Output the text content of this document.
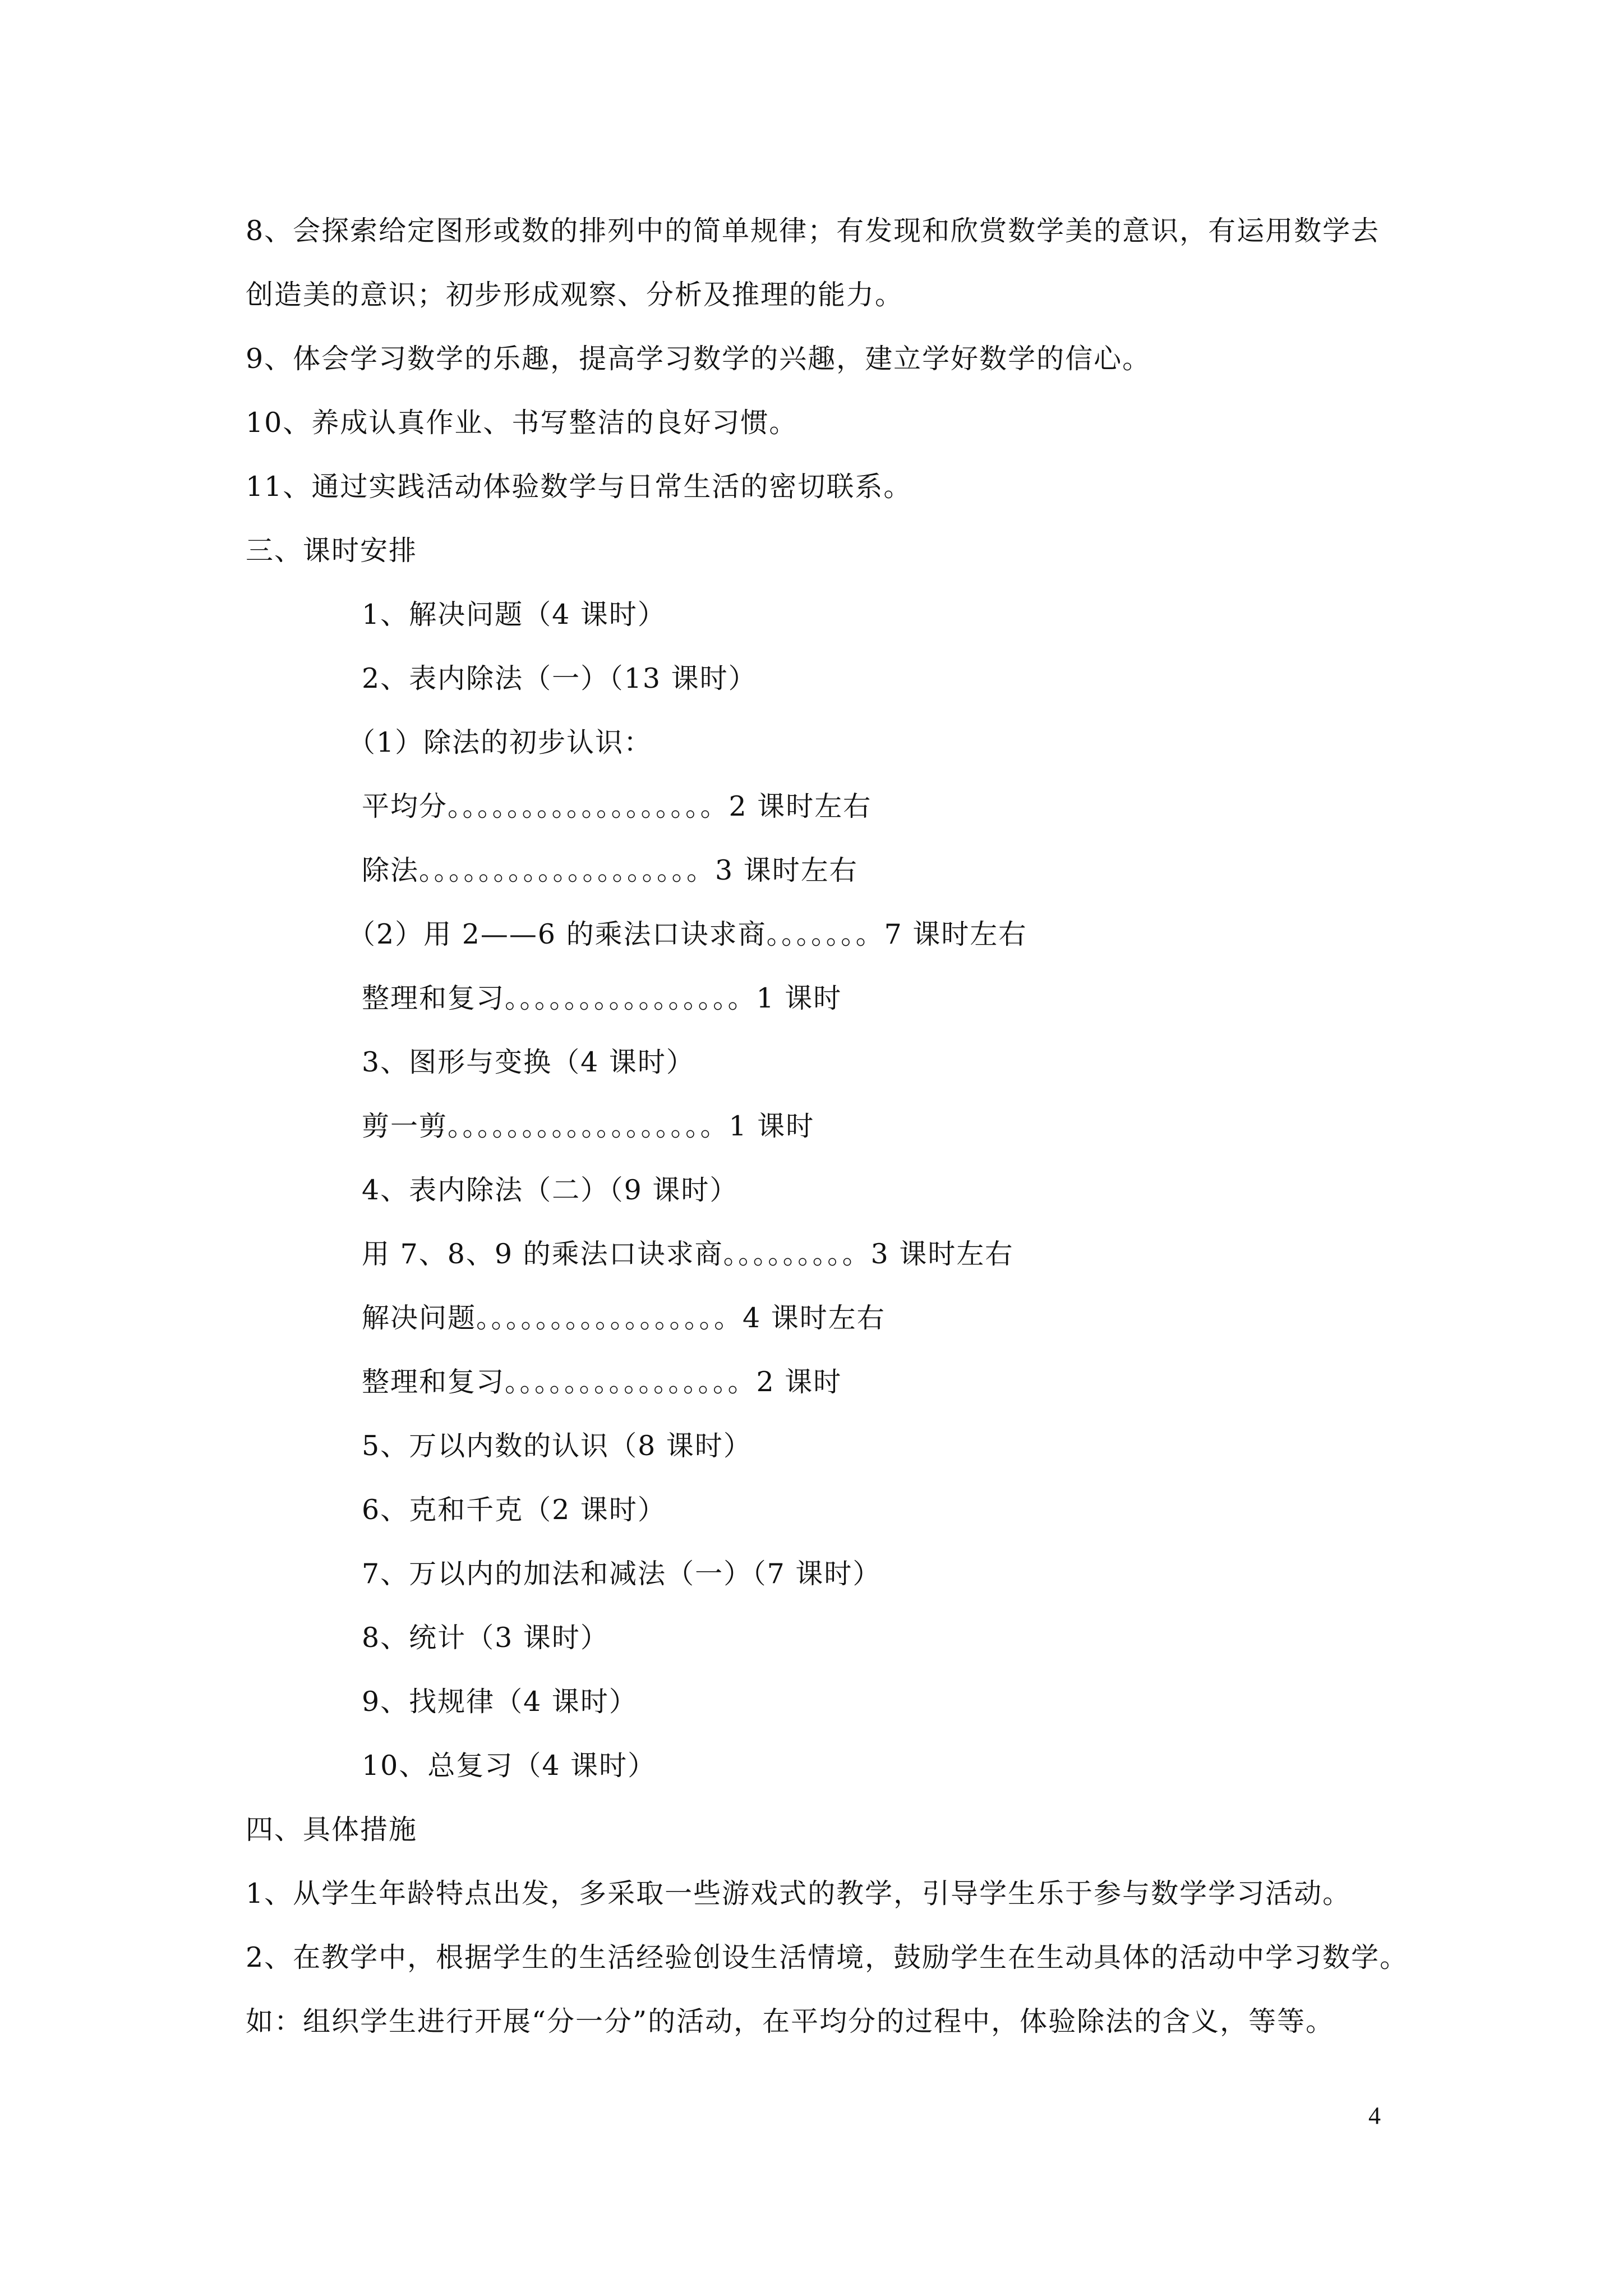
8、会探索给定图形或数的排列中的简单规律；有发现和欣赏数学美的意识，有运用数学去
创造美的意识；初步形成观察、分析及推理的能力。
9、体会学习数学的乐趣，提高学习数学的兴趣，建立学好数学的信心。
10、养成认真作业、书写整洁的良好习惯。
11、通过实践活动体验数学与日常生活的密切联系。
三、课时安排
1、解决问题（4 课时）
2、表内除法（一）（13 课时）
（1）除法的初步认识：
平均分。。。。。。。。。。。。。。。。。。2 课时左右
除法。。。。。。。。。。。。。。。。。。。3 课时左右
（2）用 2——6 的乘法口诀求商。。。。。。。7 课时左右
整理和复习。。。。。。。。。。。。。。。。1 课时
3、图形与变换（4 课时）
剪一剪。。。。。。。。。。。。。。。。。。1 课时
4、表内除法（二）（9 课时）
用 7、8、9 的乘法口诀求商。。。。。。。。。3 课时左右
解决问题。。。。。。。。。。。。。。。。。4 课时左右
整理和复习。。。。。。。。。。。。。。。。2 课时
5、万以内数的认识（8 课时）
6、克和千克（2 课时）
7、万以内的加法和减法（一）（7 课时）
8、统计（3 课时）
9、找规律（4 课时）
10、总复习（4 课时）
四、具体措施
1、从学生年龄特点出发，多采取一些游戏式的教学，引导学生乐于参与数学学习活动。
2、在教学中，根据学生的生活经验创设生活情境，鼓励学生在生动具体的活动中学习数学。
如：组织学生进行开展“分一分”的活动，在平均分的过程中，体验除法的含义，等等。
4
